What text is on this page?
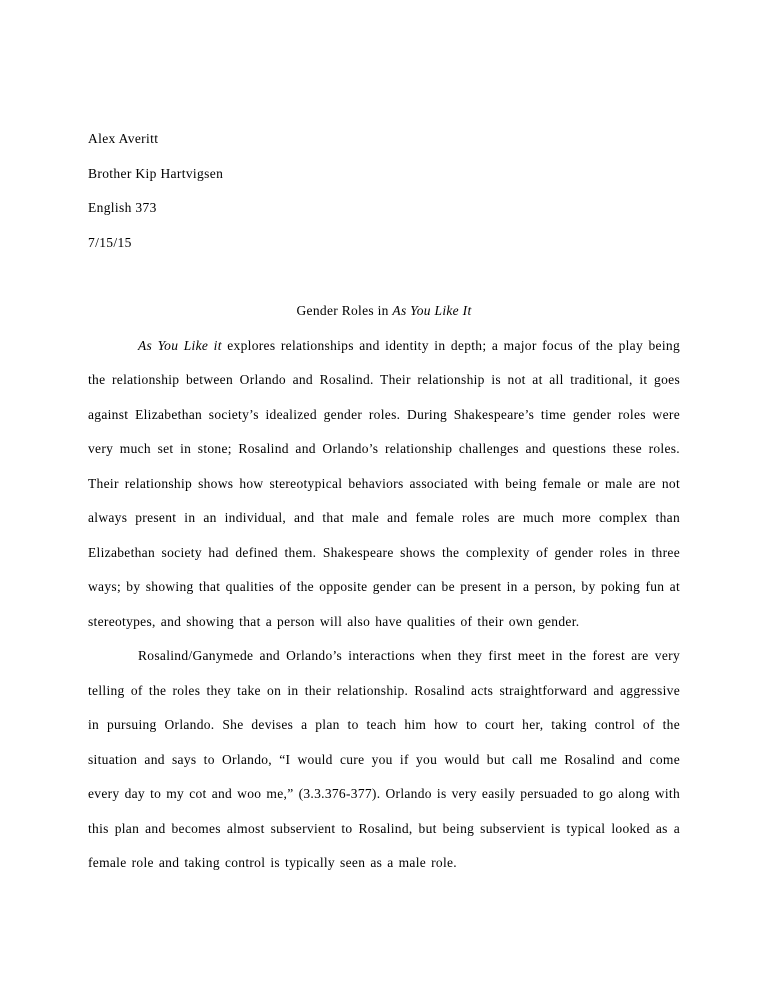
Alex Averitt
Brother Kip Hartvigsen
English 373
7/15/15
Gender Roles in As You Like It

As You Like it explores relationships and identity in depth; a major focus of the play being the relationship between Orlando and Rosalind. Their relationship is not at all traditional, it goes against Elizabethan society’s idealized gender roles. During Shakespeare’s time gender roles were very much set in stone; Rosalind and Orlando’s relationship challenges and questions these roles. Their relationship shows how stereotypical behaviors associated with being female or male are not always present in an individual, and that male and female roles are much more complex than Elizabethan society had defined them. Shakespeare shows the complexity of gender roles in three ways; by showing that qualities of the opposite gender can be present in a person, by poking fun at stereotypes, and showing that a person will also have qualities of their own gender.

Rosalind/Ganymede and Orlando’s interactions when they first meet in the forest are very telling of the roles they take on in their relationship. Rosalind acts straightforward and aggressive in pursuing Orlando. She devises a plan to teach him how to court her, taking control of the situation and says to Orlando, “I would cure you if you would but call me Rosalind and come every day to my cot and woo me,” (3.3.376-377). Orlando is very easily persuaded to go along with this plan and becomes almost subservient to Rosalind, but being subservient is typical looked as a female role and taking control is typically seen as a male role.
